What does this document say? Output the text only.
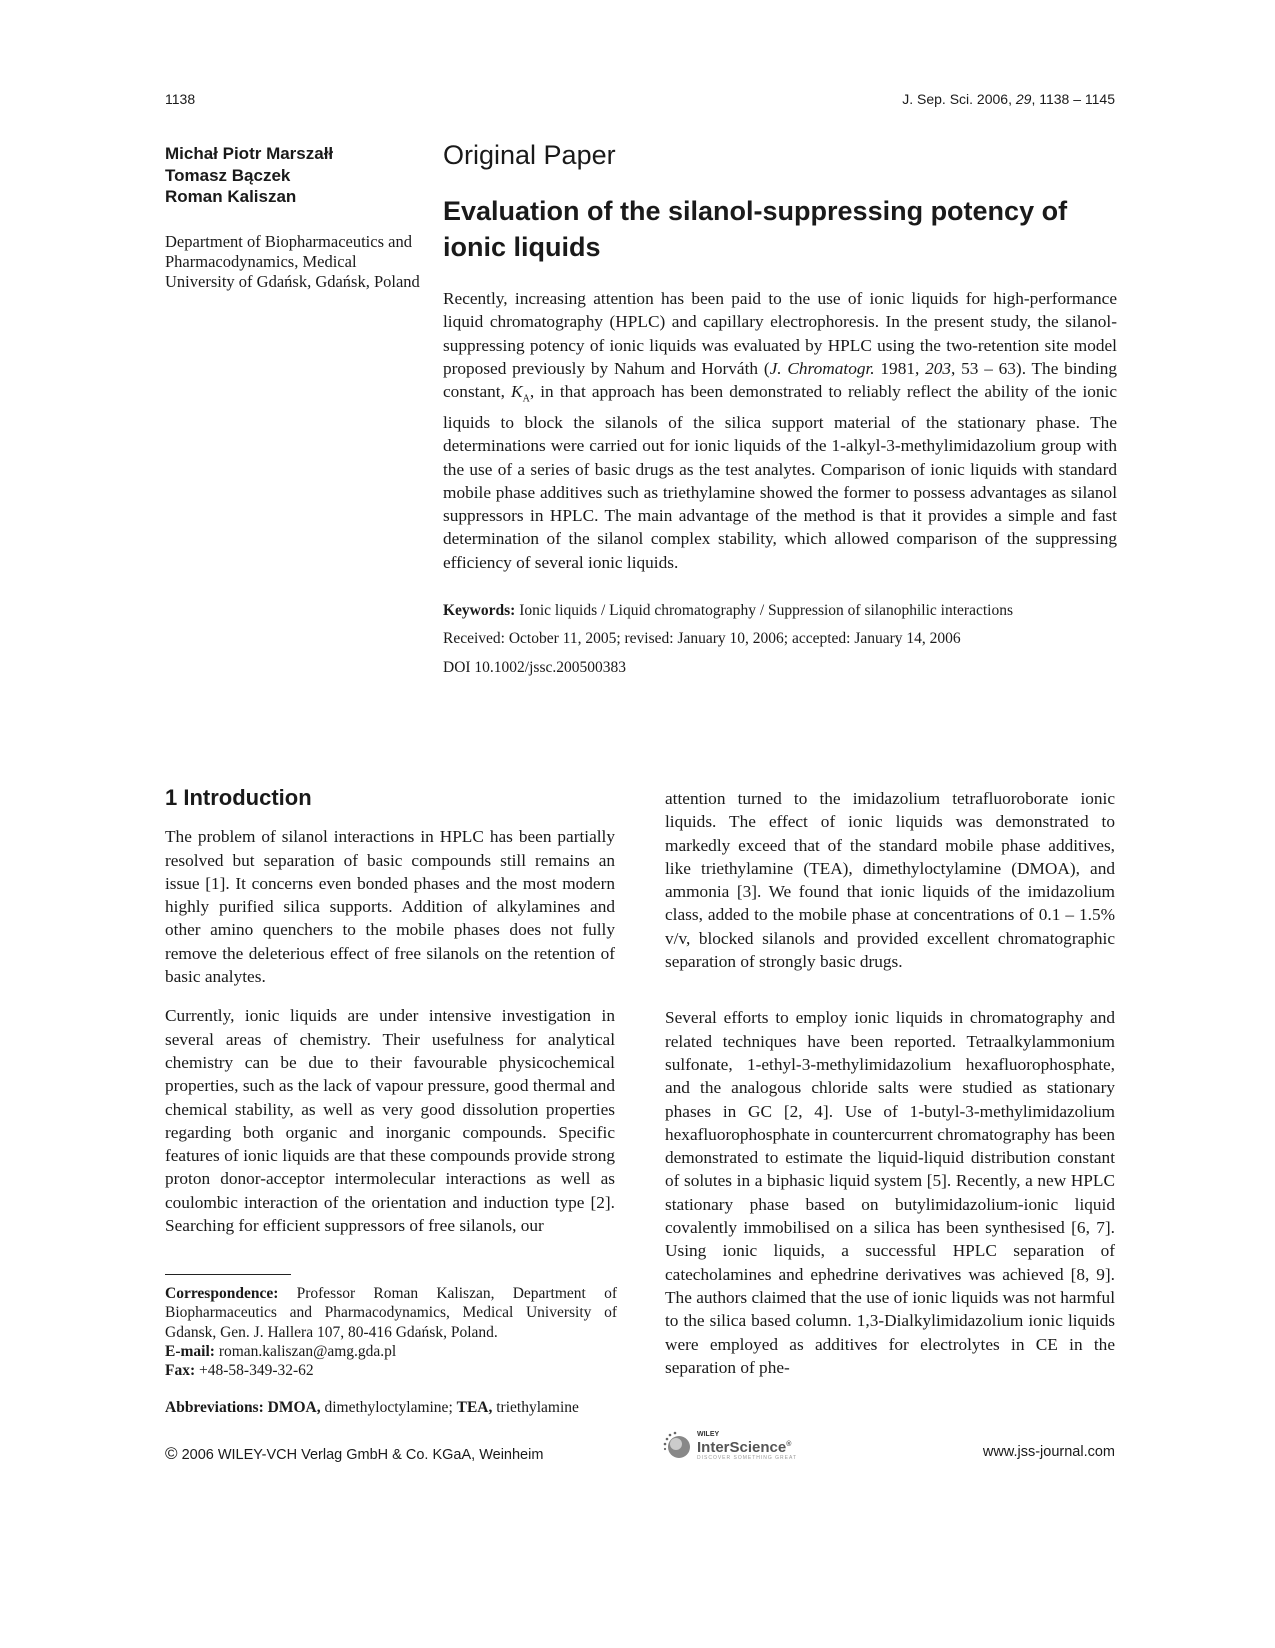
1138	J. Sep. Sci. 2006, 29, 1138 – 1145
Michał Piotr Marszałł
Tomasz Bączek
Roman Kaliszan
Department of Biopharmaceutics and Pharmacodynamics, Medical University of Gdańsk, Gdańsk, Poland
Original Paper
Evaluation of the silanol-suppressing potency of ionic liquids
Recently, increasing attention has been paid to the use of ionic liquids for high-performance liquid chromatography (HPLC) and capillary electrophoresis. In the present study, the silanol-suppressing potency of ionic liquids was evaluated by HPLC using the two-retention site model proposed previously by Nahum and Horváth (J. Chromatogr. 1981, 203, 53 – 63). The binding constant, $K_A$, in that approach has been demonstrated to reliably reflect the ability of the ionic liquids to block the silanols of the silica support material of the stationary phase. The determinations were carried out for ionic liquids of the 1-alkyl-3-methylimidazolium group with the use of a series of basic drugs as the test analytes. Comparison of ionic liquids with standard mobile phase additives such as triethylamine showed the former to possess advantages as silanol suppressors in HPLC. The main advantage of the method is that it provides a simple and fast determination of the silanol complex stability, which allowed comparison of the suppressing efficiency of several ionic liquids.
Keywords: Ionic liquids / Liquid chromatography / Suppression of silanophilic interactions
Received: October 11, 2005; revised: January 10, 2006; accepted: January 14, 2006
DOI 10.1002/jssc.200500383
1 Introduction

The problem of silanol interactions in HPLC has been partially resolved but separation of basic compounds still remains an issue [1]. It concerns even bonded phases and the most modern highly purified silica supports. Addition of alkylamines and other amino quenchers to the mobile phases does not fully remove the deleterious effect of free silanols on the retention of basic analytes.

Currently, ionic liquids are under intensive investigation in several areas of chemistry. Their usefulness for analytical chemistry can be due to their favourable physicochemical properties, such as the lack of vapour pressure, good thermal and chemical stability, as well as very good dissolution properties regarding both organic and inorganic compounds. Specific features of ionic liquids are that these compounds provide strong proton donor-acceptor intermolecular interactions as well as coulombic interaction of the orientation and induction type [2]. Searching for efficient suppressors of free silanols, our

attention turned to the imidazolium tetrafluoroborate ionic liquids. The effect of ionic liquids was demonstrated to markedly exceed that of the standard mobile phase additives, like triethylamine (TEA), dimethyloctylamine (DMOA), and ammonia [3]. We found that ionic liquids of the imidazolium class, added to the mobile phase at concentrations of 0.1 – 1.5% v/v, blocked silanols and provided excellent chromatographic separation of strongly basic drugs.

Several efforts to employ ionic liquids in chromatography and related techniques have been reported. Tetraalkylammonium sulfonate, 1-ethyl-3-methylimidazolium hexafluorophosphate, and the analogous chloride salts were studied as stationary phases in GC [2, 4]. Use of 1-butyl-3-methylimidazolium hexafluorophosphate in countercurrent chromatography has been demonstrated to estimate the liquid-liquid distribution constant of solutes in a biphasic liquid system [5]. Recently, a new HPLC stationary phase based on butylimidazolium-ionic liquid covalently immobilised on a silica has been synthesised [6, 7]. Using ionic liquids, a successful HPLC separation of catecholamines and ephedrine derivatives was achieved [8, 9]. The authors claimed that the use of ionic liquids was not harmful to the silica based column. 1,3-Dialkylimidazolium ionic liquids were employed as additives for electrolytes in CE in the separation of phe-

Correspondence: Professor Roman Kaliszan, Department of Biopharmaceutics and Pharmacodynamics, Medical University of Gdansk, Gen. J. Hallera 107, 80-416 Gdańsk, Poland.
E-mail: roman.kaliszan@amg.gda.pl
Fax: +48-58-349-32-62
Abbreviations: DMOA, dimethyloctylamine; TEA, triethylamine
© 2006 WILEY-VCH Verlag GmbH & Co. KGaA, Weinheim
WILEY
InterScience®
DISCOVER SOMETHING GREAT	www.jss-journal.com
